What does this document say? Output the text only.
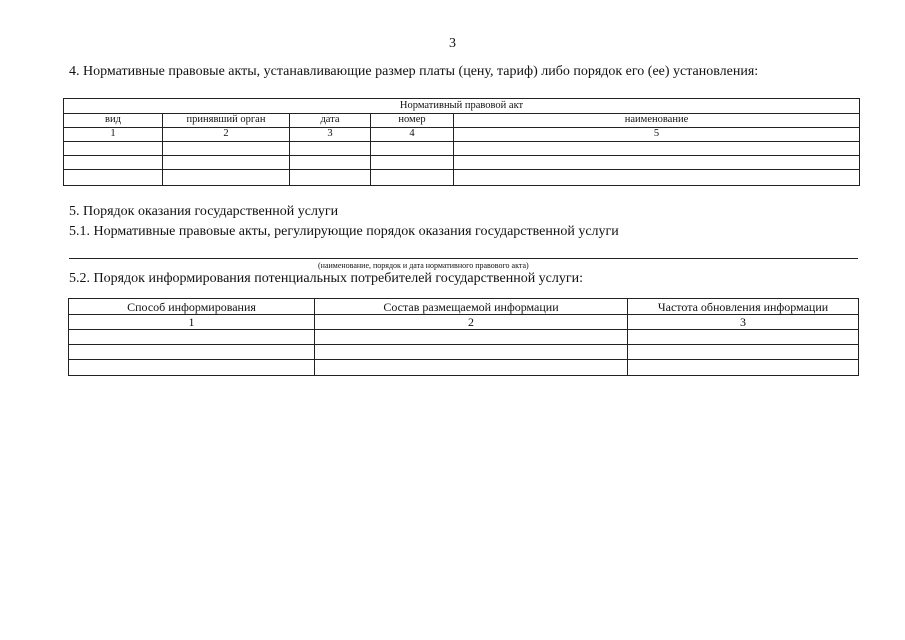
3
4. Нормативные правовые акты, устанавливающие размер платы (цену, тариф) либо порядок его (ее) установления:
Нормативный правовой акт				
вид	принявший орган	дата	номер	наименование
1	2	3	4	5

5. Порядок оказания государственной услуги
5.1. Нормативные правовые акты, регулирующие порядок оказания государственной услуги
(наименование, порядок и дата нормативного правового акта)
5.2. Порядок информирования потенциальных потребителей государственной услуги:
Способ информирования	Состав размещаемой информации	Частота обновления информации
1	2	3
